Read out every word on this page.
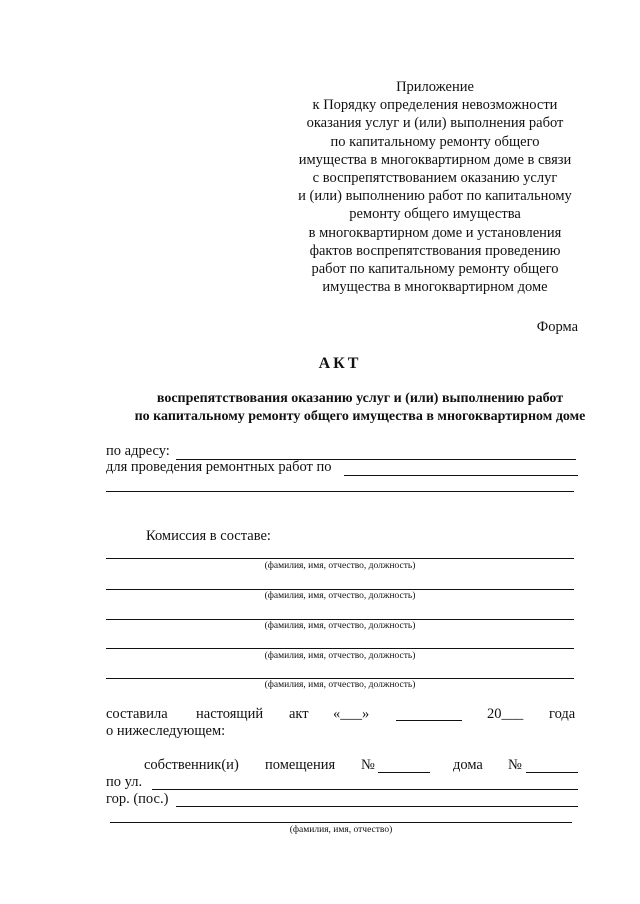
Приложение
к Порядку определения невозможности
оказания услуг и (или) выполнения работ
по капитальному ремонту общего
имущества в многоквартирном доме в связи
с воспрепятствованием оказанию услуг
и (или) выполнению работ по капитальному
ремонту общего имущества
в многоквартирном доме и установления
фактов воспрепятствования проведению
работ по капитальному ремонту общего
имущества в многоквартирном доме
Форма
АКТ
воспрепятствования оказанию услуг и (или) выполнению работ
по капитальному ремонту общего имущества в многоквартирном доме
по адресу:
для проведения ремонтных работ по
Комиссия в составе:
(фамилия, имя, отчество, должность)
(фамилия, имя, отчество, должность)
(фамилия, имя, отчество, должность)
(фамилия, имя, отчество, должность)
(фамилия, имя, отчество, должность)
составила настоящий акт «___»	20___ года
о нижеследующем:
собственник(и) помещения №	дома №
по ул.
гор. (пос.)
(фамилия, имя, отчество)
